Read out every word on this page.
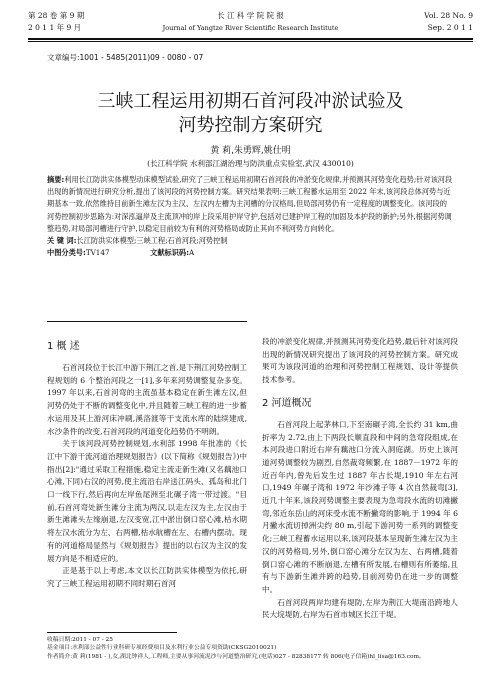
第 28 卷 第 9 期
2 0 1 1 年 9 月
长 江 科 学 院 院 报
Journal of Yangtze River Scientific Research Institute
Vol. 28 No. 9
Sep. 2 0 1 1
文章编号:1001 - 5485(2011)09 - 0080 - 07
三峡工程运用初期石首河段冲淤试验及
河势控制方案研究
黄 莉,朱勇辉,姚仕明
(长江科学院 水利部江湖治理与防洪重点实验室,武汉 430010)
摘要:利用长江防洪实体模型动床模型试验,研究了三峡工程运用初期石首河段的冲淤变化规律,并预测其河势变化趋势;针对该河段出现的新情况进行研究分析,提出了该河段的河势控制方案。研究结果表明:三峡工程蓄水运用至 2022 年末,该河段总体河势与近期基本一致,依然维持目前新生滩左汉为主汉、左汉内左槽为主河槽的分汉格局,但局部河势仍有一定程度的调整变化。该河段的河势控制初步思路为:对深泓逼岸及主流顶冲的岸上段采用护岸守护,包括对已建护岸工程的加固及本护段的新护;另外,根据河势调整趋势,对局部河槽进行守护,以稳定目前较为有利的河势格局或防止其向不利河势方向转化。
关 键 词:长江防洪实体模型;三峡工程;石首河段;河势控制
中图分类号:TV147	文献标识码:A
1 概 述

石首河段位于长江中游下荆江之首,是下荆江河势控制工程规划的 6 个整治河段之一[1],多年来河势调整复杂多变。1997 年以来,石首河弯的主流虽基本稳定在新生滩左汉,但河势仍处于不断的调整变化中,并且随着三峡工程的进一步蓄水运用及其上游河床冲刷,溪洛渡等干支流水库的陆续建成,水沙条件的改变,石首河段的河道变化趋势仍不明朗。

关于该河段河势控制规划,水利部 1998 年批准的《长江中下游干流河道治理规划报告》(以下简称《规划报告》)中指出[2]:"通过采取工程措施,稳定主流走新生滩(又名藕池口心滩,下同)右汉的河势,使主流沿右岸送江码头、孤岛和北门口一线下行,然后再向左岸鱼尾洲至北碾子湾一带过渡。"目前,石首河弯处新生滩分主流为两汉,以走左汉为主,左汉由于新生滩滩头左缘崩退,左汉变宽,江中淤出倒口窑心滩,枯水期将左汉水流分为左、右两槽,枯水航槽在左、右槽内摆动。现有的河道格局显然与《规划报告》提出的以右汉为主汉的发展方向是不相适应的。

正是基于以上考虑,本文以长江防洪实体模型为依托,研究了三峡工程运用初期不同时期石首河

段的冲淤变化规律,并预测其河势变化趋势,最后针对该河段出现的新情况研究提出了该河段的河势控制方案。研究成果可为该段河道的治理和河势控制工程规划、设计等提供技术参考。

2 河道概况

石首河段上起茅林口,下至南碾子湾,全长约 31 km,曲折率为 2.72,由上下两段长顺直段和中间的急弯段组成,在本河段进口附近右岸有藕池口分流入洞庭湖。历史上该河道河势调整较为剧烈,自然裁弯频繁,在 1887－1972 年的近百年内,曾先后发生过 1887 年古长堤,1910 年左右河口,1949 年碾子湾和 1972 年沙滩子等 4 次自然裁弯[3],近几十年来,该段河势调整主要表现为急弯段水流的切滩撇弯,邻近东岳山的河床受水流不断撇弯的影响,于 1994 年 6 月撇水流切掉洲尖约 80 m,引起下游河势一系列的调整变化;三峡工程蓄水运用以来,该河段基本呈现新生滩左汉为主汉的河势格局,另外,倒口窑心滩分左汉为左、右两槽,随着倒口窑心滩的不断崩退,左槽有所发展,右槽则有所萎缩,且有与下游新生滩并跨的趋势,目前河势仍在进一步的调整中。

石首河段两岸均建有堤防,左岸为荆江大堤南沿跨地人民大垸堤防,右岸为石首市城区长江干堤。

收稿日期:2011 - 07 - 25
基金项目:水利部公益性行业科研专项经费项目及水利行业公益专项资助(CKSG2010021)
作者简介:黄 莉(1981 - ),女,湖北钟祥人,工程师,主要从事河流泥沙与河道整治研究,(电话)027 - 82838177 转 806(电子信箱)hl_lisa@163.com。
